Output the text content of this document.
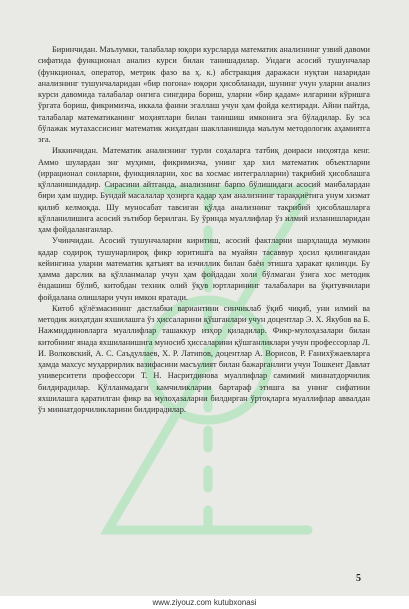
Биринчидан. Маълумки, талабалар юқори курсларда математик анализнинг узвий давоми сифатида функционал анализ курси билан танишадилар. Ундаги асосий тушунчалар (функционал, оператор, метрик фазо ва ҳ. к.) абстракция даражаси нуқтаи назаридан анализнинг тушунчаларидан «бир погона» юқори ҳисобланади, шунинг учун уларни анализ курси давомида талабалар онгига сингдира бориш, уларни «бир қадам» илгарини кўришга ўргата бориш, фикримизча, иккала фанни эгаллаш учун ҳам фойда келтиради. Айни пайтда, талабалар математиканинг моҳиятлари билан танишиш имконига эга бўладилар. Бу эса бўлажак мутахассисинг математик жиҳатдан шаклланишида маълум методологик аҳамиятга эга.

Иккинчидан. Математик анализнинг турли соҳаларга татбиқ доираси ниҳоятда кенг. Аммо шулардан энг муҳими, фикримизча, унинг ҳар хил математик объектларни (иррационал сонларни, функцияларни, хос ва хосмас интегралларни) тақрибий ҳисоблашга қўлланишидадир. Сирасини айтганда, анализнинг барпо бўлишидаги асосий манбалардан бири ҳам шудир. Бундай масалалар ҳозирга қадар ҳам анализнинг тараққиётига унум хизмат қилиб келмоқда. Шу муносабат тавсиган қўлда анализнинг тақрибий ҳисоблашларга қўлланилишига асосий эътибор берилган. Бу ўринда муаллифлар ўз илмий изланишларидан ҳам фойдаланганлар.

Учинчидан. Асосий тушунчаларни киритиш, асосий фактларни шарҳлашда мумкин қадар содироқ тушунарлироқ фикр юритишга ва муайян тасаввур ҳосил қилингандан кейингина уларни математик қатъият ва изчиллик билан баён этишга ҳаракат қилинди. Бу ҳамма дарслик ва қўлланмалар учун ҳам фойдадан холи бўлмаган ўзига хос методик ёндашиш бўлиб, китобдан техник олий ўқув юртларининг талабалари ва ўқитувчилари фойдалана олишлари учун имкон яратади.

Китоб қўлёзмасининг дастлабки вариантини синчиклаб ўқиб чиқиб, уни илмий ва методик жиҳатдан яхшилашга ўз ҳиссаларини қўшганлари учун доцентлар Э. Х. Якубов ва Б. Нажмиддиновларга муаллифлар ташаккур изҳор қиладилар. Фикр-мулоҳазалари билан китобнинг янада яхшиланишига муносиб ҳиссаларини қўшганликлари учун профессорлар Л. И. Волковский, А. С. Саъдуллаев, Х. Р. Латипов, доцентлар А. Ворисов, Р. Ғанихўжаевларга ҳамда махсус муҳаррирлик вазифасини масъулият билан бажарганлиги учун Тошкент Давлат университети профессори Т. Н. Насритдинова муаллифлар самимий миннатдорчилик билдирадилар. Қўлланмадаги камчиликларни бартараф этишга ва унинг сифатини яхшилашга қаратилган фикр ва мулоҳазаларни билдирган ўртоқларга муаллифлар аввалдан ўз миннатдорчиликларини билдирадилар.

5
www.ziyouz.com kutubxonasi
